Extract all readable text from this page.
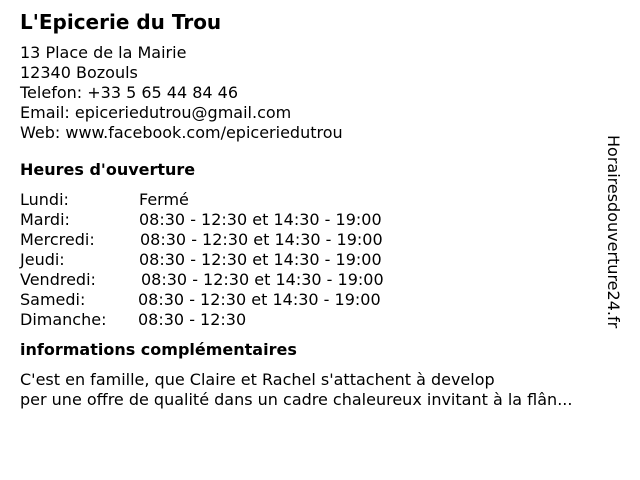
L'Epicerie du Trou
13 Place de la Mairie
12340 Bozouls
Telefon: +33 5 65 44 84 46
Email: epiceriedutrou@gmail.com
Web: www.facebook.com/epiceriedutrou
Heures d'ouverture
Lundi:	Fermé
Mardi:	08:30 - 12:30 et 14:30 - 19:00
Mercredi:	08:30 - 12:30 et 14:30 - 19:00
Jeudi:	08:30 - 12:30 et 14:30 - 19:00
Vendredi:	08:30 - 12:30 et 14:30 - 19:00
Samedi:	08:30 - 12:30 et 14:30 - 19:00
Dimanche: 08:30 - 12:30
informations complémentaires
C'est en famille, que Claire et Rachel s'attachent à develop
per une offre de qualité dans un cadre chaleureux invitant à la flân...
Horairesdouverture24.fr
